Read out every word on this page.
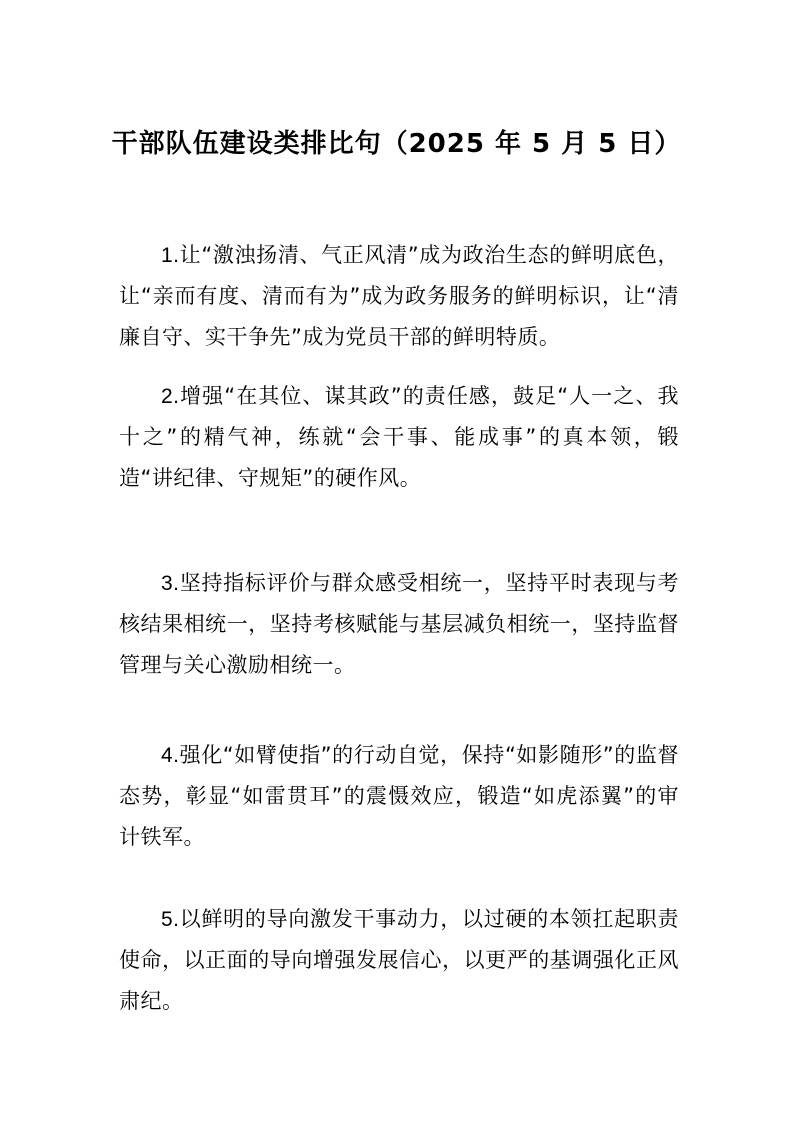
干部队伍建设类排比句（2025 年 5 月 5 日）

1.让“激浊扬清、气正风清”成为政治生态的鲜明底色，让“亲而有度、清而有为”成为政务服务的鲜明标识，让“清廉自守、实干争先”成为党员干部的鲜明特质。

2.增强“在其位、谋其政”的责任感，鼓足“人一之、我十之”的精气神，练就“会干事、能成事”的真本领，锻造“讲纪律、守规矩”的硬作风。

3.坚持指标评价与群众感受相统一，坚持平时表现与考核结果相统一，坚持考核赋能与基层减负相统一，坚持监督管理与关心激励相统一。

4.强化“如臂使指”的行动自觉，保持“如影随形”的监督态势，彰显“如雷贯耳”的震慑效应，锻造“如虎添翼”的审计铁军。

5.以鲜明的导向激发干事动力，以过硬的本领扛起职责使命，以正面的导向增强发展信心，以更严的基调强化正风肃纪。
